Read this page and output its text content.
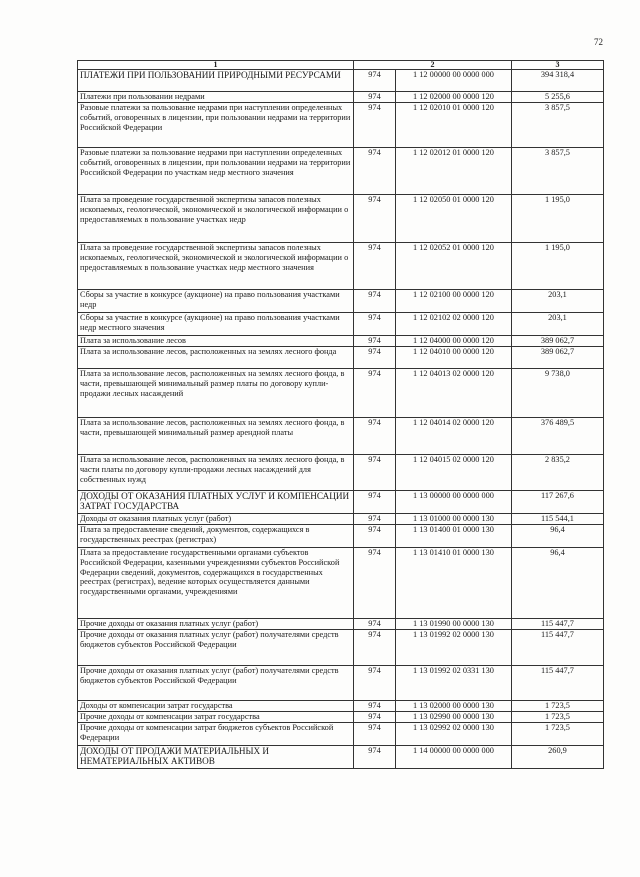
72
1	2		3
ПЛАТЕЖИ ПРИ ПОЛЬЗОВАНИИ ПРИРОДНЫМИ РЕСУРСАМИ	974	1 12 00000 00 0000 000	394 318,4
Платежи при пользовании недрами	974	1 12 02000 00 0000 120	5 255,6
Разовые платежи за пользование недрами при наступлении определенных событий, оговоренных в лицензии, при пользовании недрами на территории Российской Федерации	974	1 12 02010 01 0000 120	3 857,5
Разовые платежи за пользование недрами при наступлении определенных событий, оговоренных в лицензии, при пользовании недрами на территории Российской Федерации по участкам недр местного значения	974	1 12 02012 01 0000 120	3 857,5
Плата за проведение государственной экспертизы запасов полезных ископаемых, геологической, экономической и экологической информации о предоставляемых в пользование участках недр	974	1 12 02050 01 0000 120	1 195,0
Плата за проведение государственной экспертизы запасов полезных ископаемых, геологической, экономической и экологической информации о предоставляемых в пользование участках недр местного значения	974	1 12 02052 01 0000 120	1 195,0
Сборы за участие в конкурсе (аукционе) на право пользования участками недр	974	1 12 02100 00 0000 120	203,1
Сборы за участие в конкурсе (аукционе) на право пользования участками недр местного значения	974	1 12 02102 02 0000 120	203,1
Плата за использование лесов	974	1 12 04000 00 0000 120	389 062,7
Плата за использование лесов, расположенных на землях лесного фонда	974	1 12 04010 00 0000 120	389 062,7
Плата за использование лесов, расположенных на землях лесного фонда, в части, превышающей минимальный размер платы по договору купли-продажи лесных насаждений	974	1 12 04013 02 0000 120	9 738,0
Плата за использование лесов, расположенных на землях лесного фонда, в части, превышающей минимальный размер арендной платы	974	1 12 04014 02 0000 120	376 489,5
Плата за использование лесов, расположенных на землях лесного фонда, в части платы по договору купли-продажи лесных насаждений для собственных нужд	974	1 12 04015 02 0000 120	2 835,2
ДОХОДЫ ОТ ОКАЗАНИЯ ПЛАТНЫХ УСЛУГ И КОМПЕНСАЦИИ ЗАТРАТ ГОСУДАРСТВА	974	1 13 00000 00 0000 000	117 267,6
Доходы от оказания платных услуг (работ)	974	1 13 01000 00 0000 130	115 544,1
Плата за предоставление сведений, документов, содержащихся в государственных реестрах (регистрах)	974	1 13 01400 01 0000 130	96,4
Плата за предоставление государственными органами субъектов Российской Федерации, казенными учреждениями субъектов Российской Федерации сведений, документов, содержащихся в государственных реестрах (регистрах), ведение которых осуществляется данными государственными органами, учреждениями	974	1 13 01410 01 0000 130	96,4
Прочие доходы от оказания платных услуг (работ)	974	1 13 01990 00 0000 130	115 447,7
Прочие доходы от оказания платных услуг (работ) получателями средств бюджетов субъектов Российской Федерации	974	1 13 01992 02 0000 130	115 447,7
Прочие доходы от оказания платных услуг (работ) получателями средств бюджетов субъектов Российской Федерации	974	1 13 01992 02 0331 130	115 447,7
Доходы от компенсации затрат государства	974	1 13 02000 00 0000 130	1 723,5
Прочие доходы от компенсации затрат государства	974	1 13 02990 00 0000 130	1 723,5
Прочие доходы от компенсации затрат бюджетов субъектов Российской Федерации	974	1 13 02992 02 0000 130	1 723,5
ДОХОДЫ ОТ ПРОДАЖИ МАТЕРИАЛЬНЫХ И НЕМАТЕРИАЛЬНЫХ АКТИВОВ	974	1 14 00000 00 0000 000	260,9
